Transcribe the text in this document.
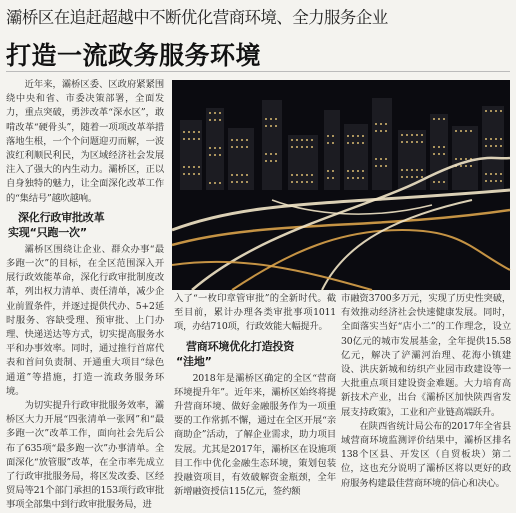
灞桥区在追赶超越中不断优化营商环境、全力服务企业
打造一流政务服务环境

近年来，灞桥区委、区政府紧紧围绕中央和省、市委决策部署，全面发力，重点突破，勇涉改革“深水区”，敢啃改革“硬骨头”，随着一项项改革举措落地生根，一个个问题迎刃而解，一波波红利顺民利民，为区域经济社会发展注入了强大的内生动力。灞桥区，正以自身独特的魅力，让全面深化改革工作的“集结号”越吹越响。

深化行政审批改革
实现“只跑一次”

灞桥区围绕让企业、群众办事“最多跑一次”的目标，在全区范围深入开展行政效能革命，深化行政审批制度改革，列出权力清单、责任清单，减少企业前置条件，并逐过提供代办、5+2延时服务、容缺受理、预审批、上门办理、快递送达等方式，切实提高服务水平和办事效率。同时，通过推行首席代表和首问负责制、开通重大项目“绿色通道”等措施，打造一流政务服务环境。

为切实提升行政审批服务效率，灞桥区大力开展“四张清单一张网”和“最多跑一次”改革工作，面向社会先后公布了635项“最多跑一次”办事清单。全面深化“放管服”改革，在全市率先成立了行政审批服务局，将区发改委、区经贸局等21个部门承担的153项行政审批事项全部集中到行政审批服务局，进

入了“一枚印章管审批”的全新时代。截至目前，累计办理各类审批事项1011项，办结710项，行政效能大幅提升。

营商环境优化打造投资
“洼地”

2018年是灞桥区确定的全区“营商环境提升年”。近年来，灞桥区始终将提升营商环境、做好金融服务作为一项重要的工作常抓不懈，通过在全区开展“亲商助企”活动，了解企业需求，助力项目发展。尤其是2017年，灞桥区在设施项目工作中优化金融生态环境，策划包装投融资项目，有效破解资金瓶颈，全年新增融资授信115亿元，签约额

市融资3700多万元，实现了历史性突破，有效推动经济社会快速健康发展。同时，全面落实当好“店小二”的工作理念，设立30亿元的城市发展基金，全年提供15.58亿元，解决了浐灞河治理、花海小镇建设、洪庆新城和纺织产业园市政建设等一大批重点项目建设资金难题。大力培育高新技术产业，出台《灞桥区加快陕西省发展支持政策》，工业和产业链高端跃升。

在陕西省统计局公布的2017年全省县域营商环境监测评价结果中，灞桥区排名138个区县、开发区（自贸板块）第二位，这也充分说明了灞桥区将以更好的政府服务构建最佳营商环境的信心和决心。
